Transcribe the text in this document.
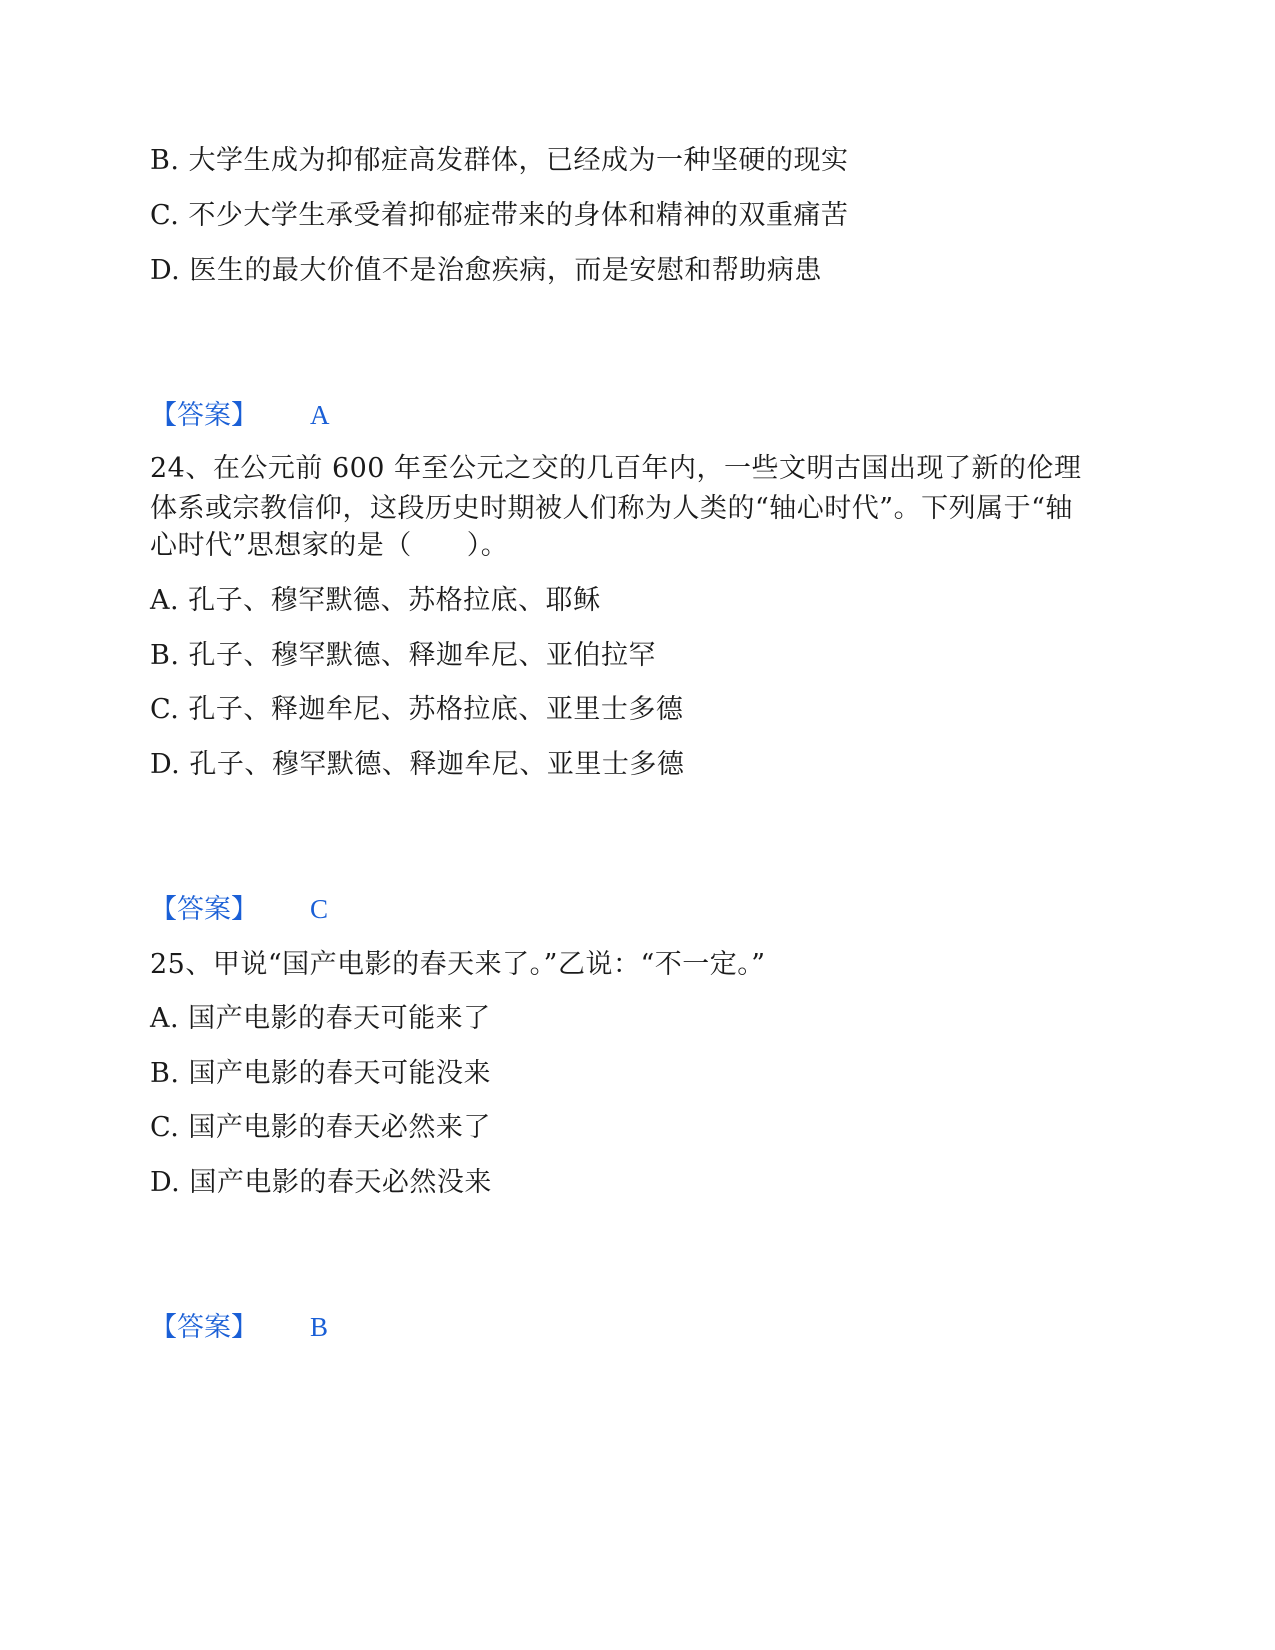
B. 大学生成为抑郁症高发群体，已经成为一种坚硬的现实
C. 不少大学生承受着抑郁症带来的身体和精神的双重痛苦
D. 医生的最大价值不是治愈疾病，而是安慰和帮助病患
【答案】 A
24、在公元前 600 年至公元之交的几百年内，一些文明古国出现了新的伦理
体系或宗教信仰，这段历史时期被人们称为人类的“轴心时代”。下列属于“轴
心时代”思想家的是（　　）。
A. 孔子、穆罕默德、苏格拉底、耶稣
B. 孔子、穆罕默德、释迦牟尼、亚伯拉罕
C. 孔子、释迦牟尼、苏格拉底、亚里士多德
D. 孔子、穆罕默德、释迦牟尼、亚里士多德
【答案】 C
25、甲说“国产电影的春天来了。”乙说：“不一定。”
A. 国产电影的春天可能来了
B. 国产电影的春天可能没来
C. 国产电影的春天必然来了
D. 国产电影的春天必然没来
【答案】 B
